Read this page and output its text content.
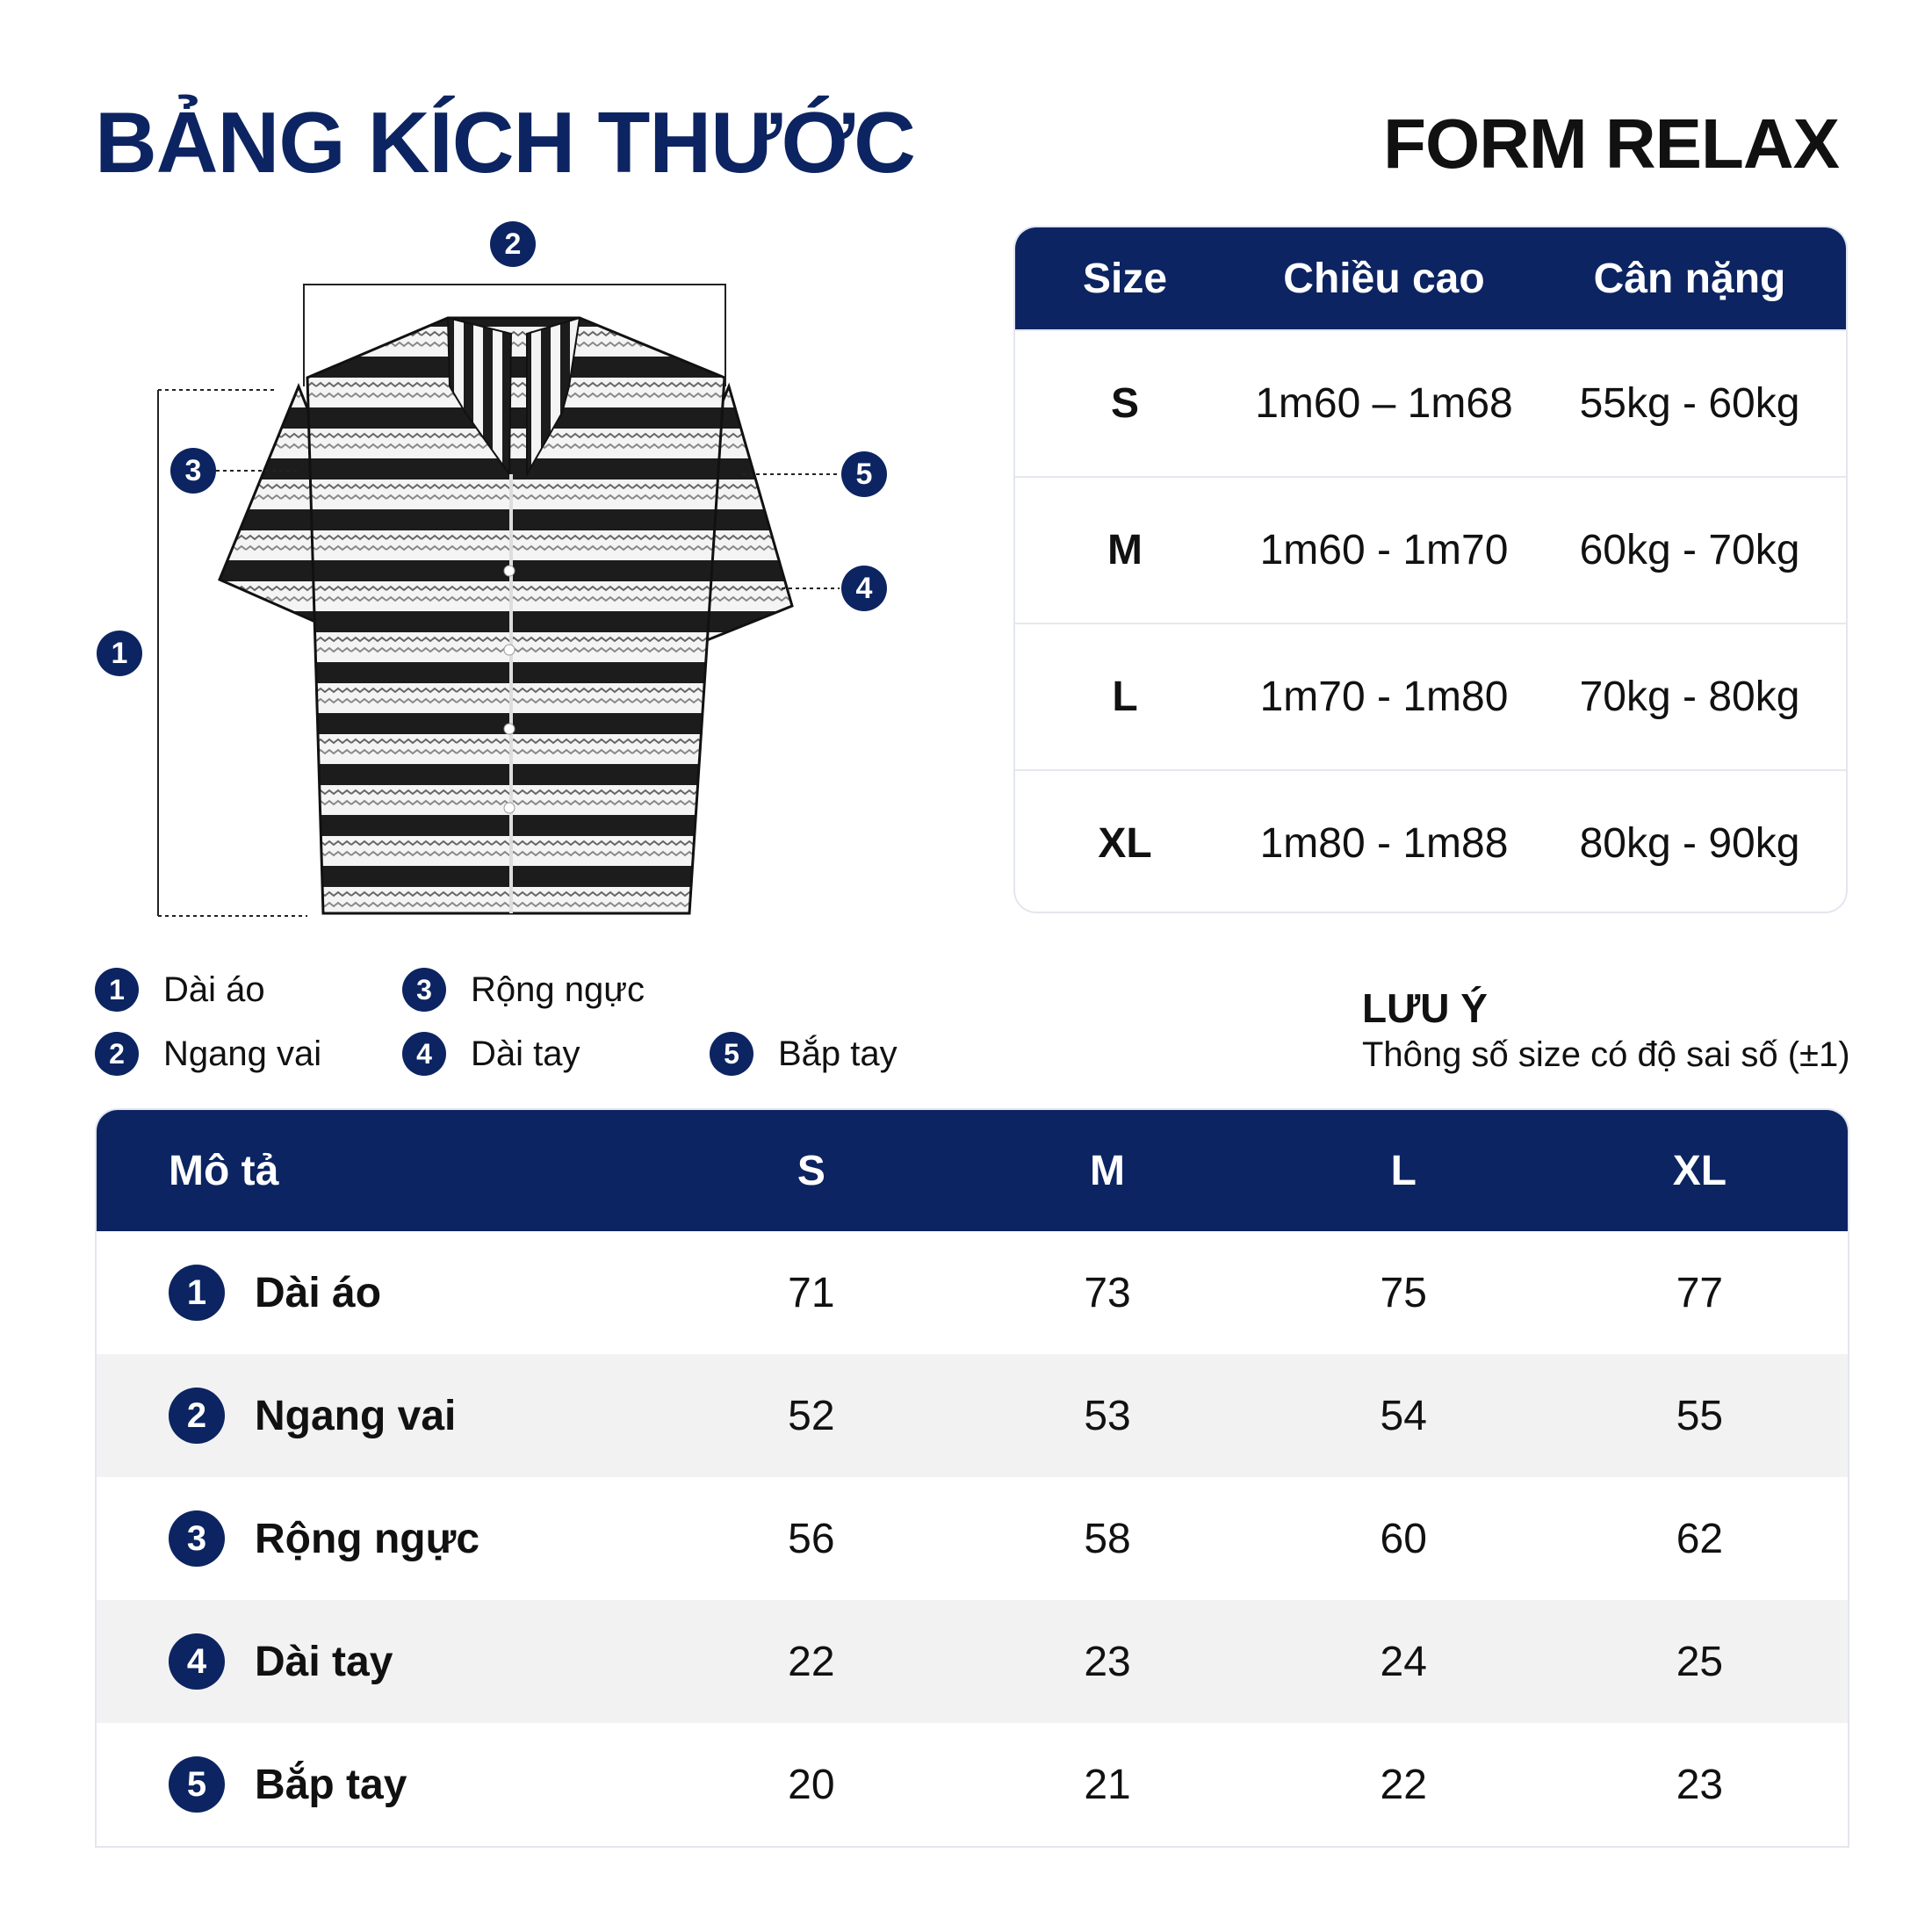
BẢNG KÍCH THƯỚC	FORM RELAX
2
1
3	5
4
Size	Chiều cao	Cân nặng
S	1m60 – 1m68	55kg - 60kg
M	1m60 - 1m70	60kg - 70kg
L	1m70 - 1m80	70kg - 80kg
XL	1m80 - 1m88	80kg - 90kg
1	Dài áo
2	Ngang vai
3	Rộng ngực
4	Dài tay	5	Bắp tay
LƯU Ý
Thông số size có độ sai số (±1)
Mô tả	S	M	L	XL
1	Dài áo	71	73	75	77
2	Ngang vai	52	53	54	55
3	Rộng ngực	56	58	60	62
4	Dài tay	22	23	24	25
5	Bắp tay	20	21	22	23
